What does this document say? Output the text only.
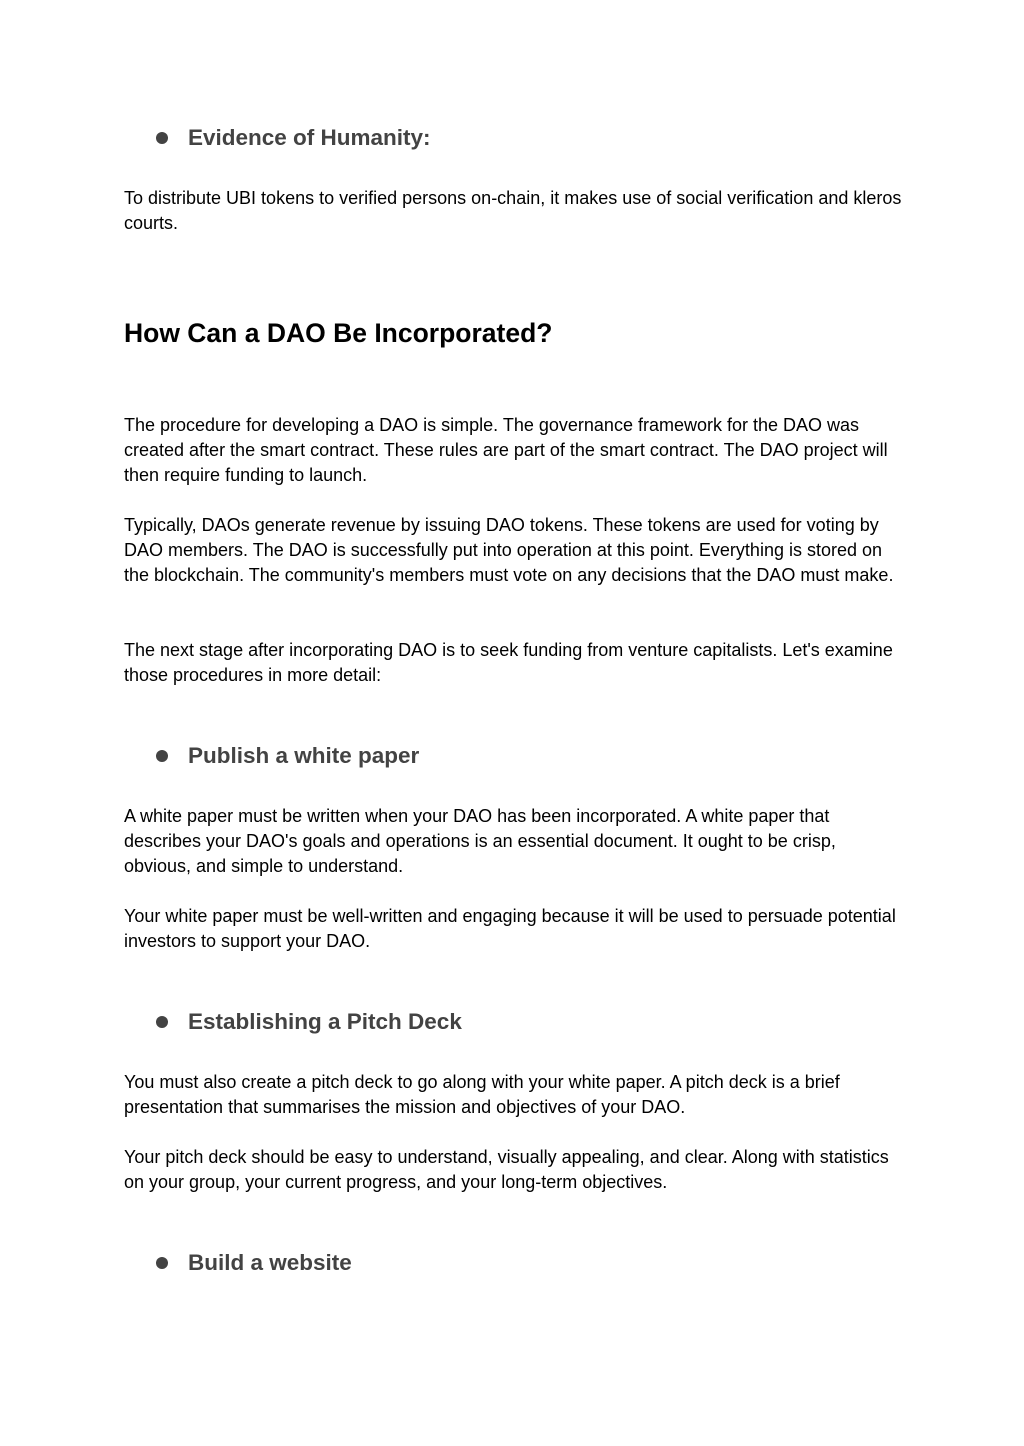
Evidence of Humanity:

To distribute UBI tokens to verified persons on-chain, it makes use of social verification and kleros courts.

How Can a DAO Be Incorporated?

The procedure for developing a DAO is simple. The governance framework for the DAO was created after the smart contract. These rules are part of the smart contract. The DAO project will then require funding to launch.

Typically, DAOs generate revenue by issuing DAO tokens. These tokens are used for voting by DAO members. The DAO is successfully put into operation at this point. Everything is stored on the blockchain. The community's members must vote on any decisions that the DAO must make.

The next stage after incorporating DAO is to seek funding from venture capitalists. Let's examine those procedures in more detail:

Publish a white paper

A white paper must be written when your DAO has been incorporated. A white paper that describes your DAO's goals and operations is an essential document. It ought to be crisp, obvious, and simple to understand.

Your white paper must be well-written and engaging because it will be used to persuade potential investors to support your DAO.

Establishing a Pitch Deck

You must also create a pitch deck to go along with your white paper. A pitch deck is a brief presentation that summarises the mission and objectives of your DAO.

Your pitch deck should be easy to understand, visually appealing, and clear. Along with statistics on your group, your current progress, and your long-term objectives.

Build a website
